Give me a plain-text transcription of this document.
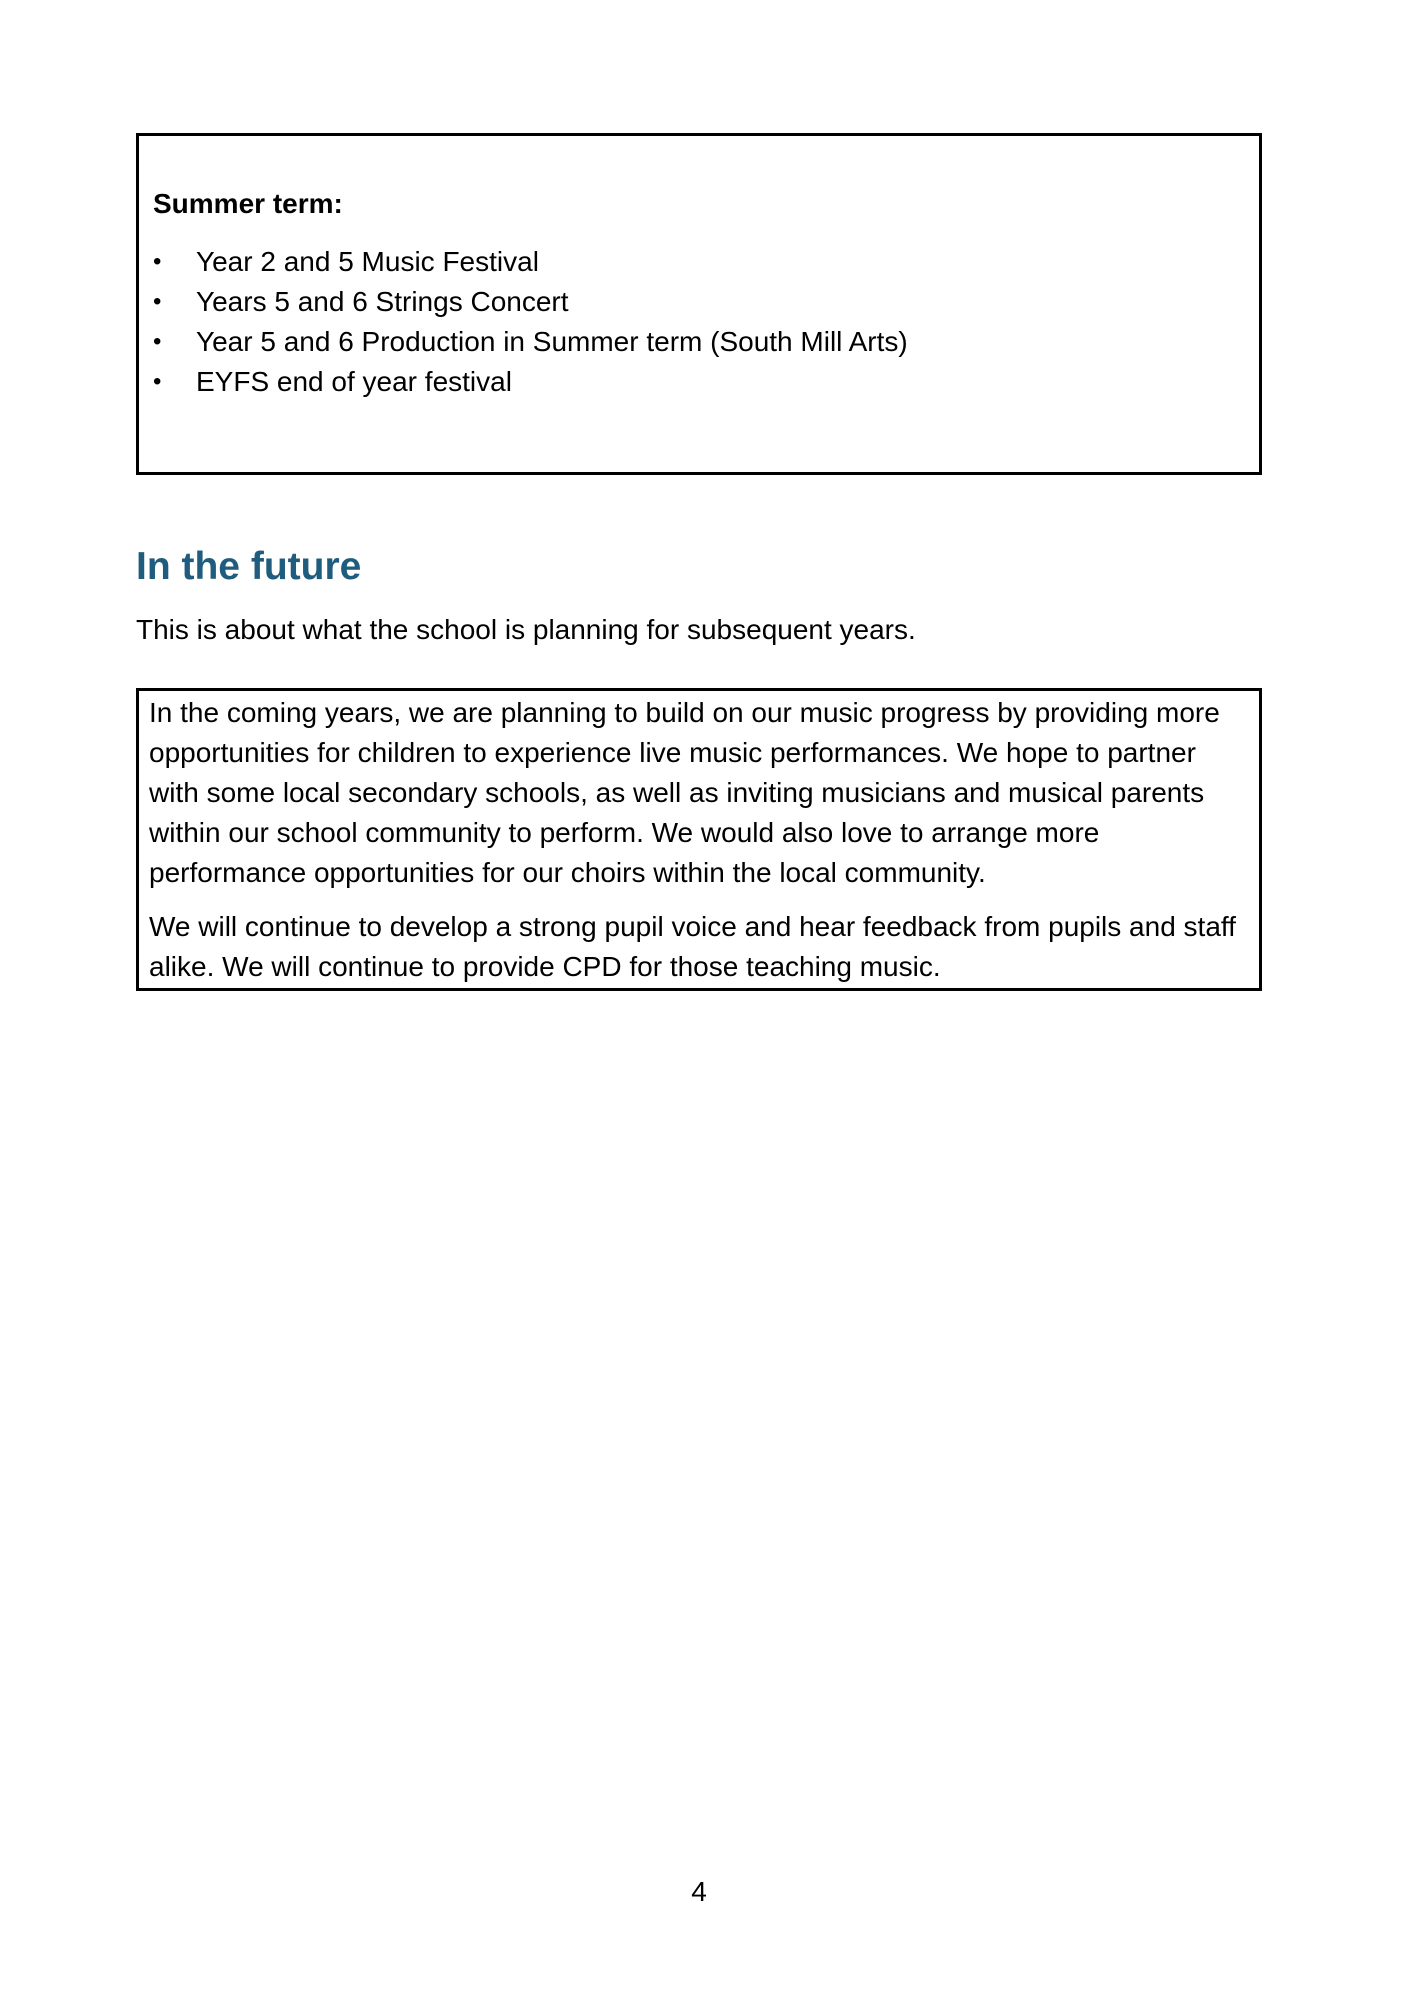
Summer term:

•	Year 2 and 5 Music Festival
•	Years 5 and 6 Strings Concert
•	Year 5 and 6 Production in Summer term (South Mill Arts)
•	EYFS end of year festival
In the future

This is about what the school is planning for subsequent years.

In the coming years, we are planning to build on our music progress by providing more opportunities for children to experience live music performances. We hope to partner with some local secondary schools, as well as inviting musicians and musical parents within our school community to perform. We would also love to arrange more performance opportunities for our choirs within the local community.

We will continue to develop a strong pupil voice and hear feedback from pupils and staff alike. We will continue to provide CPD for those teaching music.

4
